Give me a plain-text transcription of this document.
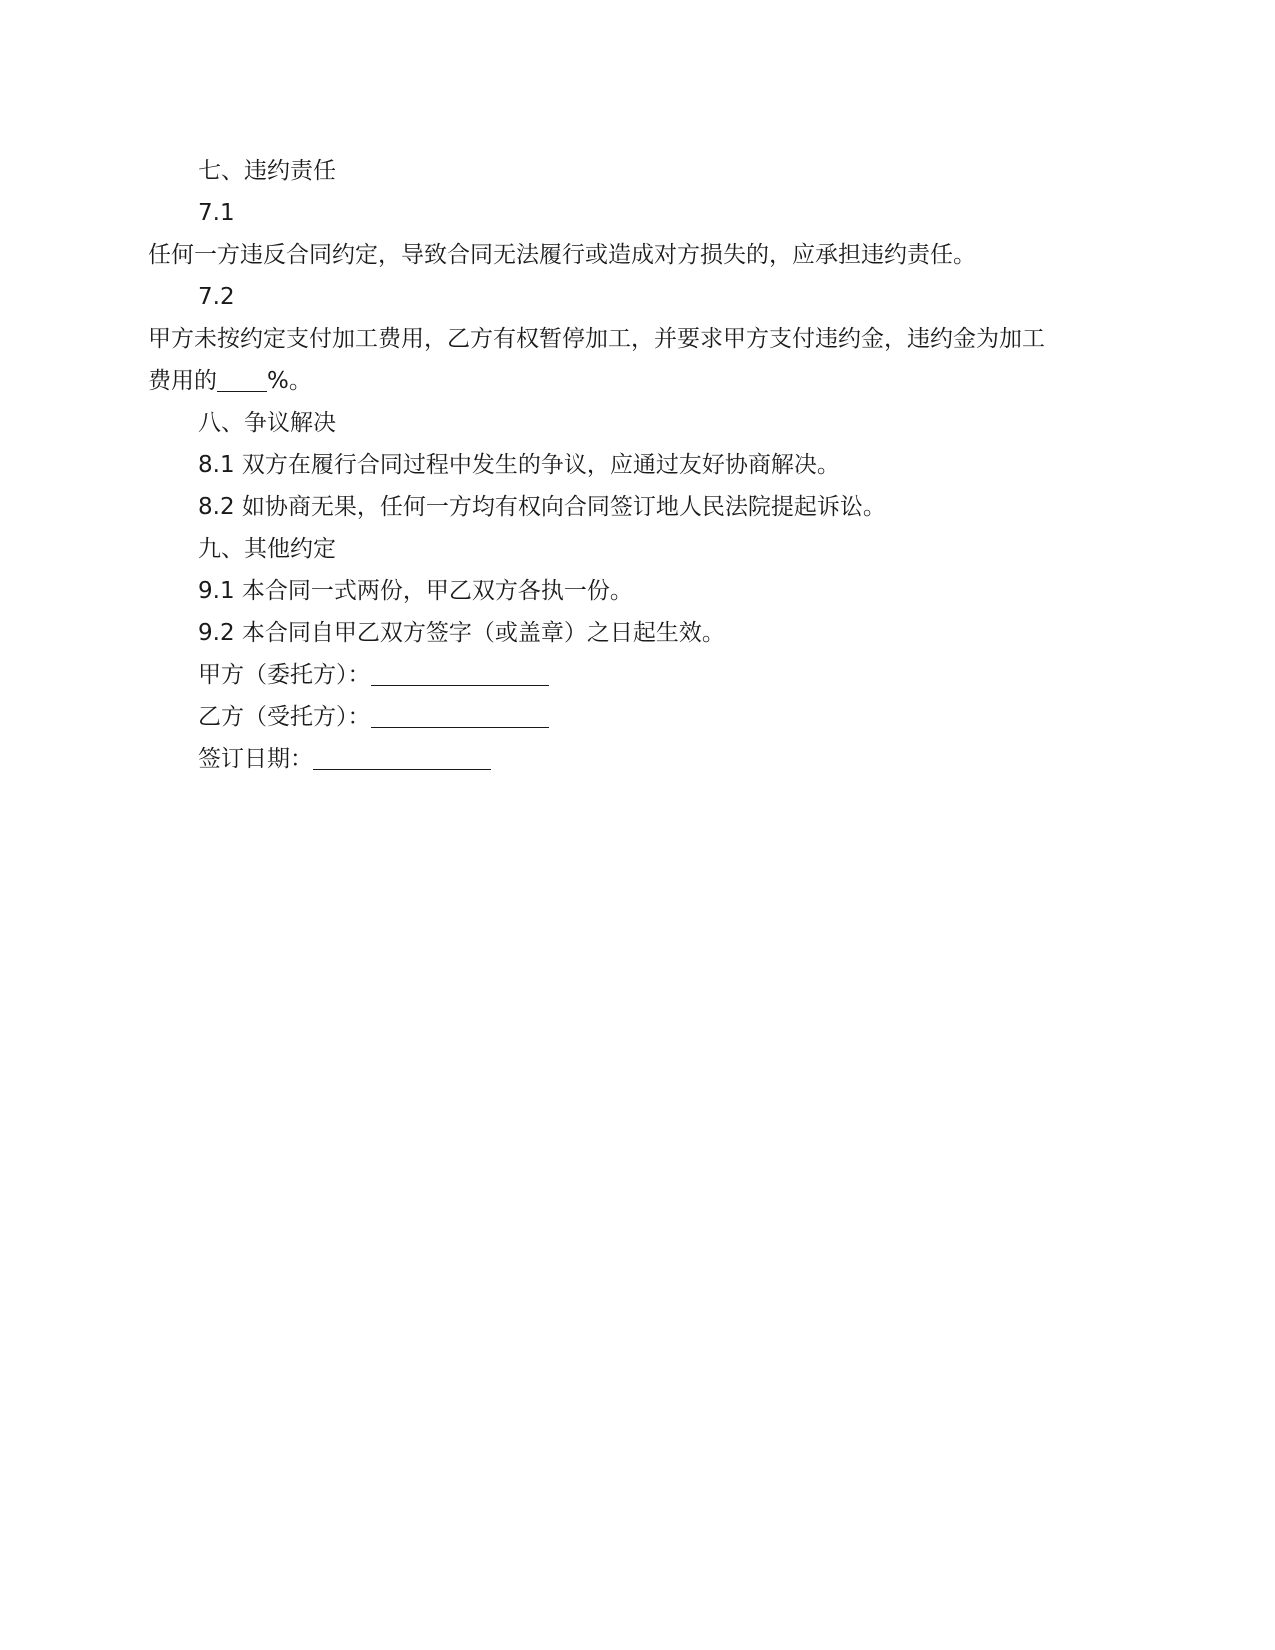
七、违约责任
7.1
任何一方违反合同约定，导致合同无法履行或造成对方损失的，应承担违约责任。
7.2
甲方未按约定支付加工费用，乙方有权暂停加工，并要求甲方支付违约金，违约金为加工
费用的 %。
八、争议解决
8.1 双方在履行合同过程中发生的争议，应通过友好协商解决。
8.2 如协商无果，任何一方均有权向合同签订地人民法院提起诉讼。
九、其他约定
9.1 本合同一式两份，甲乙双方各执一份。
9.2 本合同自甲乙双方签字（或盖章）之日起生效。
甲方（委托方）：
乙方（受托方）：
签订日期：
